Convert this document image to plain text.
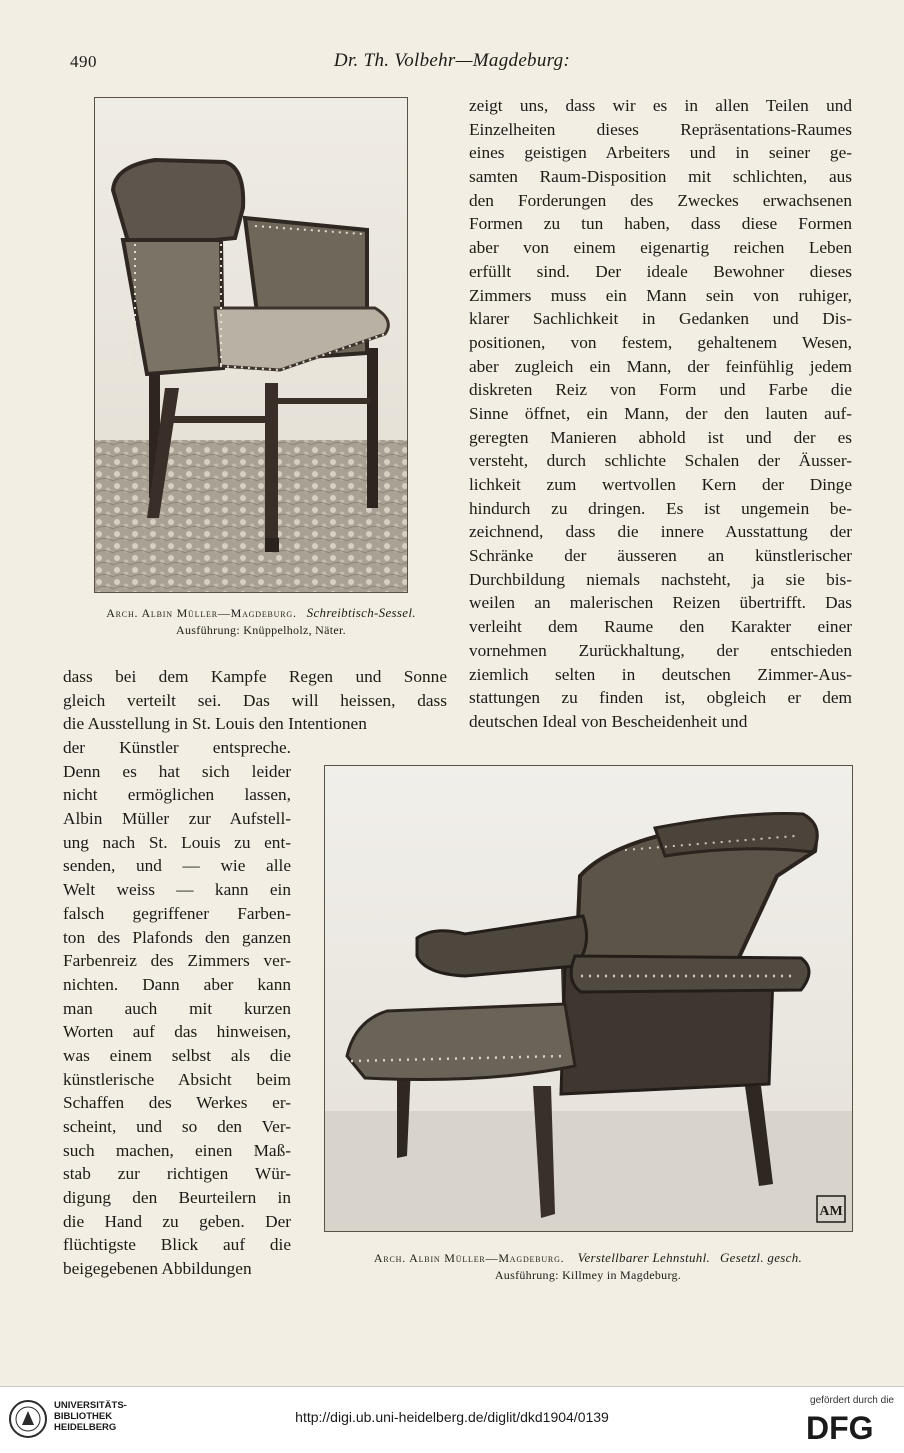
490	Dr. Th. Volbehr—Magdeburg:
Arch. Albin Müller—Magdeburg. Schreibtisch-Sessel.
Ausführung: Knüppelholz, Näter.
zeigt uns, dass wir es in allen Teilen und
Einzelheiten dieses Repräsentations-Raumes
eines geistigen Arbeiters und in seiner ge-
samten Raum-Disposition mit schlichten, aus
den Forderungen des Zweckes erwachsenen
Formen zu tun haben, dass diese Formen
aber von einem eigenartig reichen Leben
erfüllt sind. Der ideale Bewohner dieses
Zimmers muss ein Mann sein von ruhiger,
klarer Sachlichkeit in Gedanken und Dis-
positionen, von festem, gehaltenem Wesen,
aber zugleich ein Mann, der feinfühlig jedem
diskreten Reiz von Form und Farbe die
Sinne öffnet, ein Mann, der den lauten auf-
geregten Manieren abhold ist und der es
versteht, durch schlichte Schalen der Äusser-
lichkeit zum wertvollen Kern der Dinge
hindurch zu dringen. Es ist ungemein be-
zeichnend, dass die innere Ausstattung der
Schränke der äusseren an künstlerischer
Durchbildung niemals nachsteht, ja sie bis-
weilen an malerischen Reizen übertrifft. Das
verleiht dem Raume den Karakter einer
vornehmen Zurückhaltung, der entschieden
ziemlich selten in deutschen Zimmer-Aus-
stattungen zu finden ist, obgleich er dem
deutschen Ideal von Bescheidenheit und
dass bei dem Kampfe Regen und Sonne
gleich verteilt sei. Das will heissen, dass
die Ausstellung in St. Louis den Intentionen
der Künstler entspreche.
Denn es hat sich leider
nicht ermöglichen lassen,
Albin Müller zur Aufstell-
ung nach St. Louis zu ent-
senden, und — wie alle
Welt weiss — kann ein
falsch gegriffener Farben-
ton des Plafonds den ganzen
Farbenreiz des Zimmers ver-
nichten. Dann aber kann
man auch mit kurzen
Worten auf das hinweisen,
was einem selbst als die
künstlerische Absicht beim
Schaffen des Werkes er-
scheint, und so den Ver-
such machen, einen Maß-
stab zur richtigen Wür-
digung den Beurteilern in
die Hand zu geben. Der
flüchtigste Blick auf die
beigegebenen Abbildungen
AM
Arch. Albin Müller—Magdeburg. Verstellbarer Lehnstuhl. Gesetzl. gesch.
Ausführung: Killmey in Magdeburg.
UNIVERSITÄTS-
BIBLIOTHEK
HEIDELBERG
http://digi.ub.uni-heidelberg.de/diglit/dkd1904/0139
gefördert durch die
DFG
